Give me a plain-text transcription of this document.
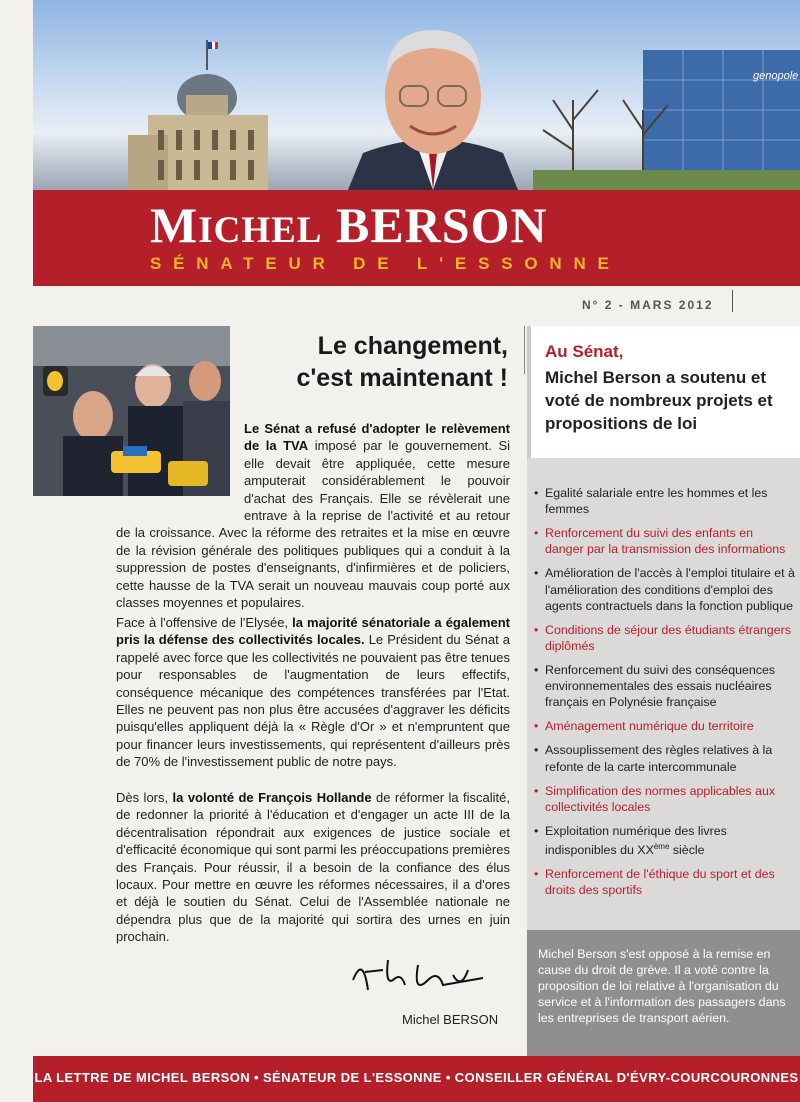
genopole
MICHEL BERSON
SÉNATEUR DE L'ESSONNE
N° 2 - MARS 2012
Le changement,
c'est maintenant !
Le Sénat a refusé d'adopter le relèvement de la TVA imposé par le gouvernement. Si elle devait être appliquée, cette mesure amputerait considérablement le pouvoir d'achat des Français. Elle se révèlerait une entrave à la reprise de l'activité et au retour de la croissance. Avec la réforme des retraites et la mise en œuvre de la révision générale des politiques publiques qui a conduit à la suppression de postes d'enseignants, d'infirmières et de policiers, cette hausse de la TVA serait un nouveau mauvais coup porté aux classes moyennes et populaires.
Face à l'offensive de l'Elysée, la majorité sénatoriale a également pris la défense des collectivités locales. Le Président du Sénat a rappelé avec force que les collectivités ne pouvaient pas être tenues pour responsables de l'augmentation de leurs effectifs, conséquence mécanique des compétences transférées par l'Etat. Elles ne peuvent pas non plus être accusées d'aggraver les déficits puisqu'elles appliquent déjà la « Règle d'Or » et n'empruntent que pour financer leurs investissements, qui représentent d'ailleurs près de 70% de l'investissement public de notre pays.
Dès lors, la volonté de François Hollande de réformer la fiscalité, de redonner la priorité à l'éducation et d'engager un acte III de la décentralisation répondrait aux exigences de justice sociale et d'efficacité économique qui sont parmi les préoccupations premières des Français. Pour réussir, il a besoin de la confiance des élus locaux. Pour mettre en œuvre les réformes nécessaires, il a d'ores et déjà le soutien du Sénat. Celui de l'Assemblée nationale ne dépendra plus que de la majorité qui sortira des urnes en juin prochain.
Michel BERSON
Au Sénat,
Michel Berson a soutenu et voté de nombreux projets et propositions de loi
• Egalité salariale entre les hommes et les femmes
• Renforcement du suivi des enfants en danger par la transmission des informations
• Amélioration de l'accès à l'emploi titulaire et à l'amélioration des conditions d'emploi des agents contractuels dans la fonction publique
• Conditions de séjour des étudiants étrangers diplômés
• Renforcement du suivi des conséquences environnementales des essais nucléaires français en Polynésie française
• Aménagement numérique du territoire
• Assouplissement des règles relatives à la refonte de la carte intercommunale
• Simplification des normes applicables aux collectivités locales
• Exploitation numérique des livres indisponibles du XXème siècle
• Renforcement de l'éthique du sport et des droits des sportifs
Michel Berson s'est opposé à la remise en cause du droit de grève. Il a voté contre la proposition de loi relative à l'organisation du service et à l'information des passagers dans les entreprises de transport aérien.
LA LETTRE DE MICHEL BERSON • SÉNATEUR DE L'ESSONNE • CONSEILLER GÉNÉRAL D'ÉVRY-COURCOURONNES
